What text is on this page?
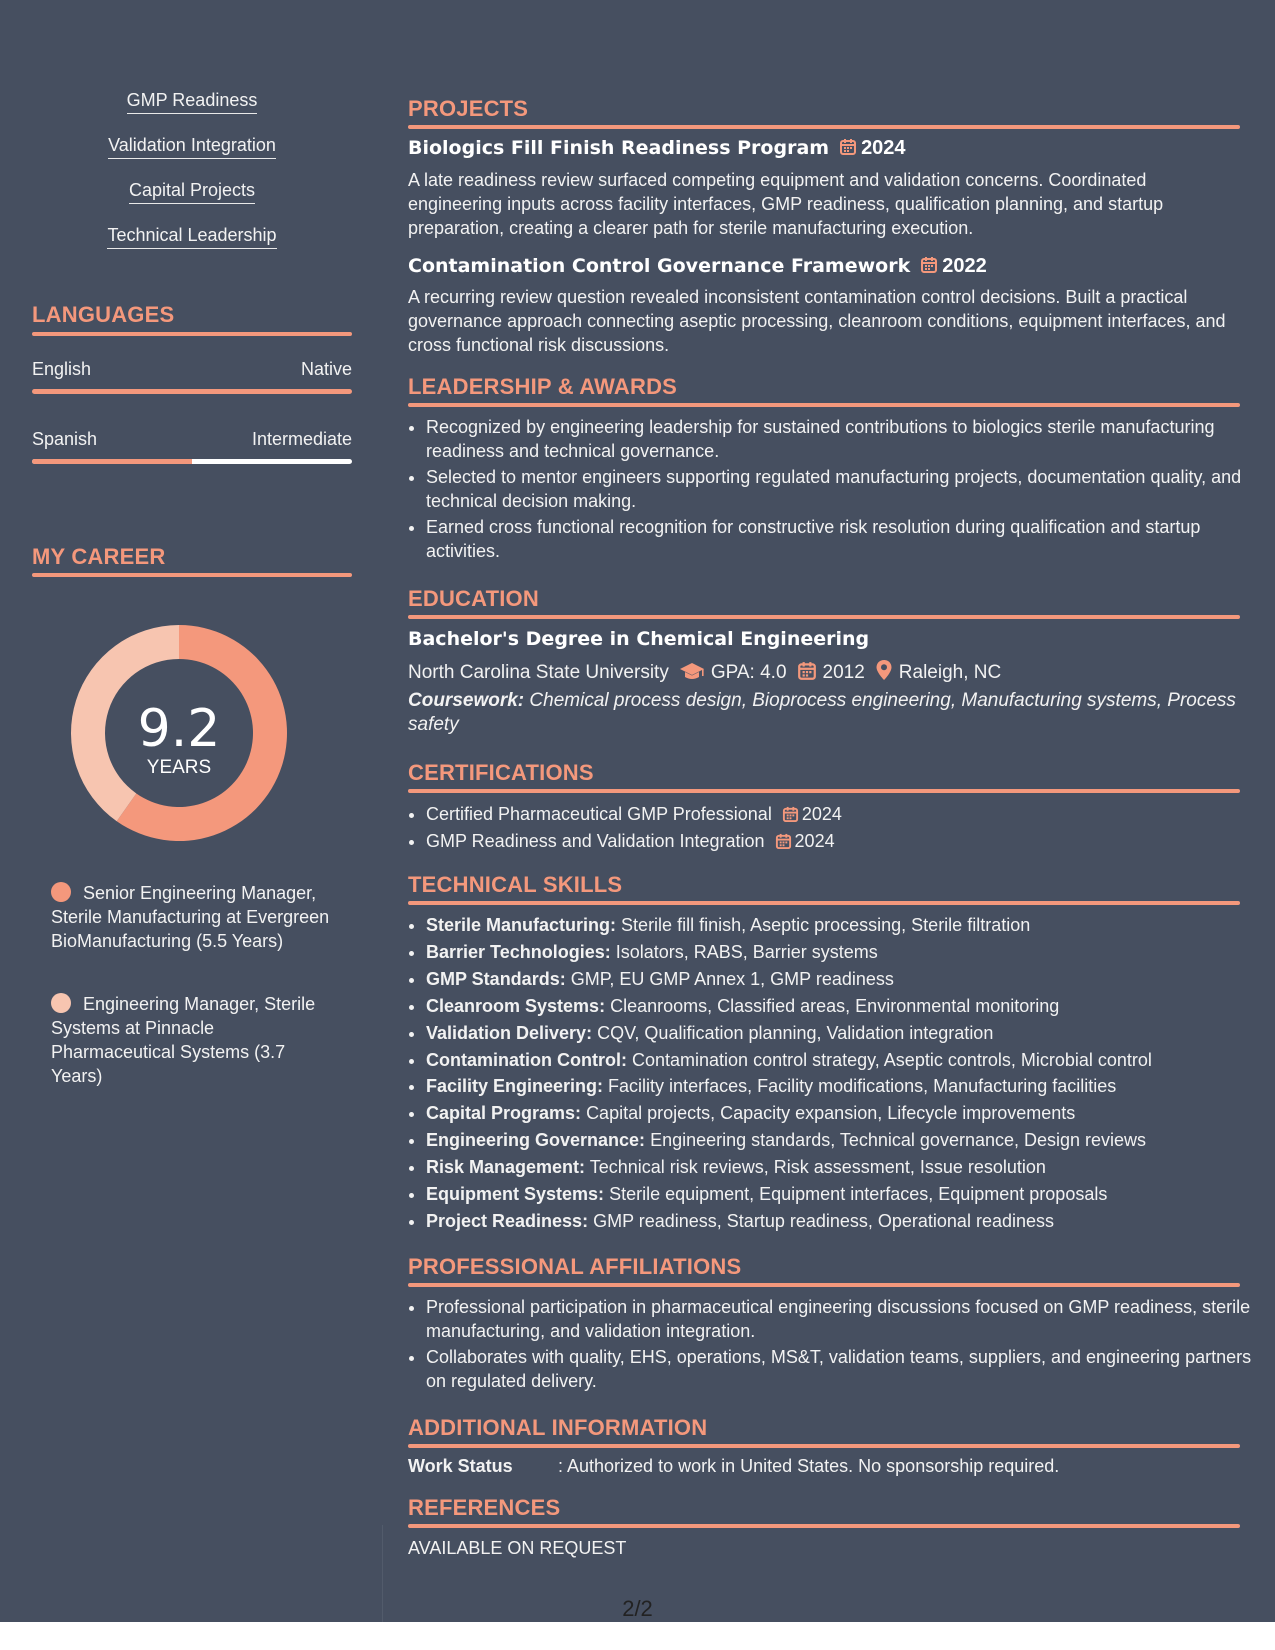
GMP Readiness
Validation Integration
Capital Projects
Technical Leadership
LANGUAGES
English	Native
Spanish	Intermediate
MY CAREER
9.2
YEARS
Senior Engineering Manager, Sterile Manufacturing at Evergreen BioManufacturing (5.5 Years)
Engineering Manager, Sterile Systems at Pinnacle Pharmaceutical Systems (3.7 Years)
PROJECTS
Biologics Fill Finish Readiness Program 2024
A late readiness review surfaced competing equipment and validation concerns. Coordinated engineering inputs across facility interfaces, GMP readiness, qualification planning, and startup preparation, creating a clearer path for sterile manufacturing execution.
Contamination Control Governance Framework 2022
A recurring review question revealed inconsistent contamination control decisions. Built a practical governance approach connecting aseptic processing, cleanroom conditions, equipment interfaces, and cross functional risk discussions.
LEADERSHIP & AWARDS
• Recognized by engineering leadership for sustained contributions to biologics sterile manufacturing readiness and technical governance.
• Selected to mentor engineers supporting regulated manufacturing projects, documentation quality, and technical decision making.
• Earned cross functional recognition for constructive risk resolution during qualification and startup activities.
EDUCATION
Bachelor's Degree in Chemical Engineering
North Carolina State University GPA: 4.0 2012 Raleigh, NC
Coursework: Chemical process design, Bioprocess engineering, Manufacturing systems, Process safety
CERTIFICATIONS
• Certified Pharmaceutical GMP Professional 2024
• GMP Readiness and Validation Integration 2024
TECHNICAL SKILLS
• Sterile Manufacturing: Sterile fill finish, Aseptic processing, Sterile filtration
• Barrier Technologies: Isolators, RABS, Barrier systems
• GMP Standards: GMP, EU GMP Annex 1, GMP readiness
• Cleanroom Systems: Cleanrooms, Classified areas, Environmental monitoring
• Validation Delivery: CQV, Qualification planning, Validation integration
• Contamination Control: Contamination control strategy, Aseptic controls, Microbial control
• Facility Engineering: Facility interfaces, Facility modifications, Manufacturing facilities
• Capital Programs: Capital projects, Capacity expansion, Lifecycle improvements
• Engineering Governance: Engineering standards, Technical governance, Design reviews
• Risk Management: Technical risk reviews, Risk assessment, Issue resolution
• Equipment Systems: Sterile equipment, Equipment interfaces, Equipment proposals
• Project Readiness: GMP readiness, Startup readiness, Operational readiness
PROFESSIONAL AFFILIATIONS
• Professional participation in pharmaceutical engineering discussions focused on GMP readiness, sterile manufacturing, and validation integration.
• Collaborates with quality, EHS, operations, MS&T, validation teams, suppliers, and engineering partners on regulated delivery.
ADDITIONAL INFORMATION
Work Status	: Authorized to work in United States. No sponsorship required.
REFERENCES
AVAILABLE ON REQUEST
2/2
